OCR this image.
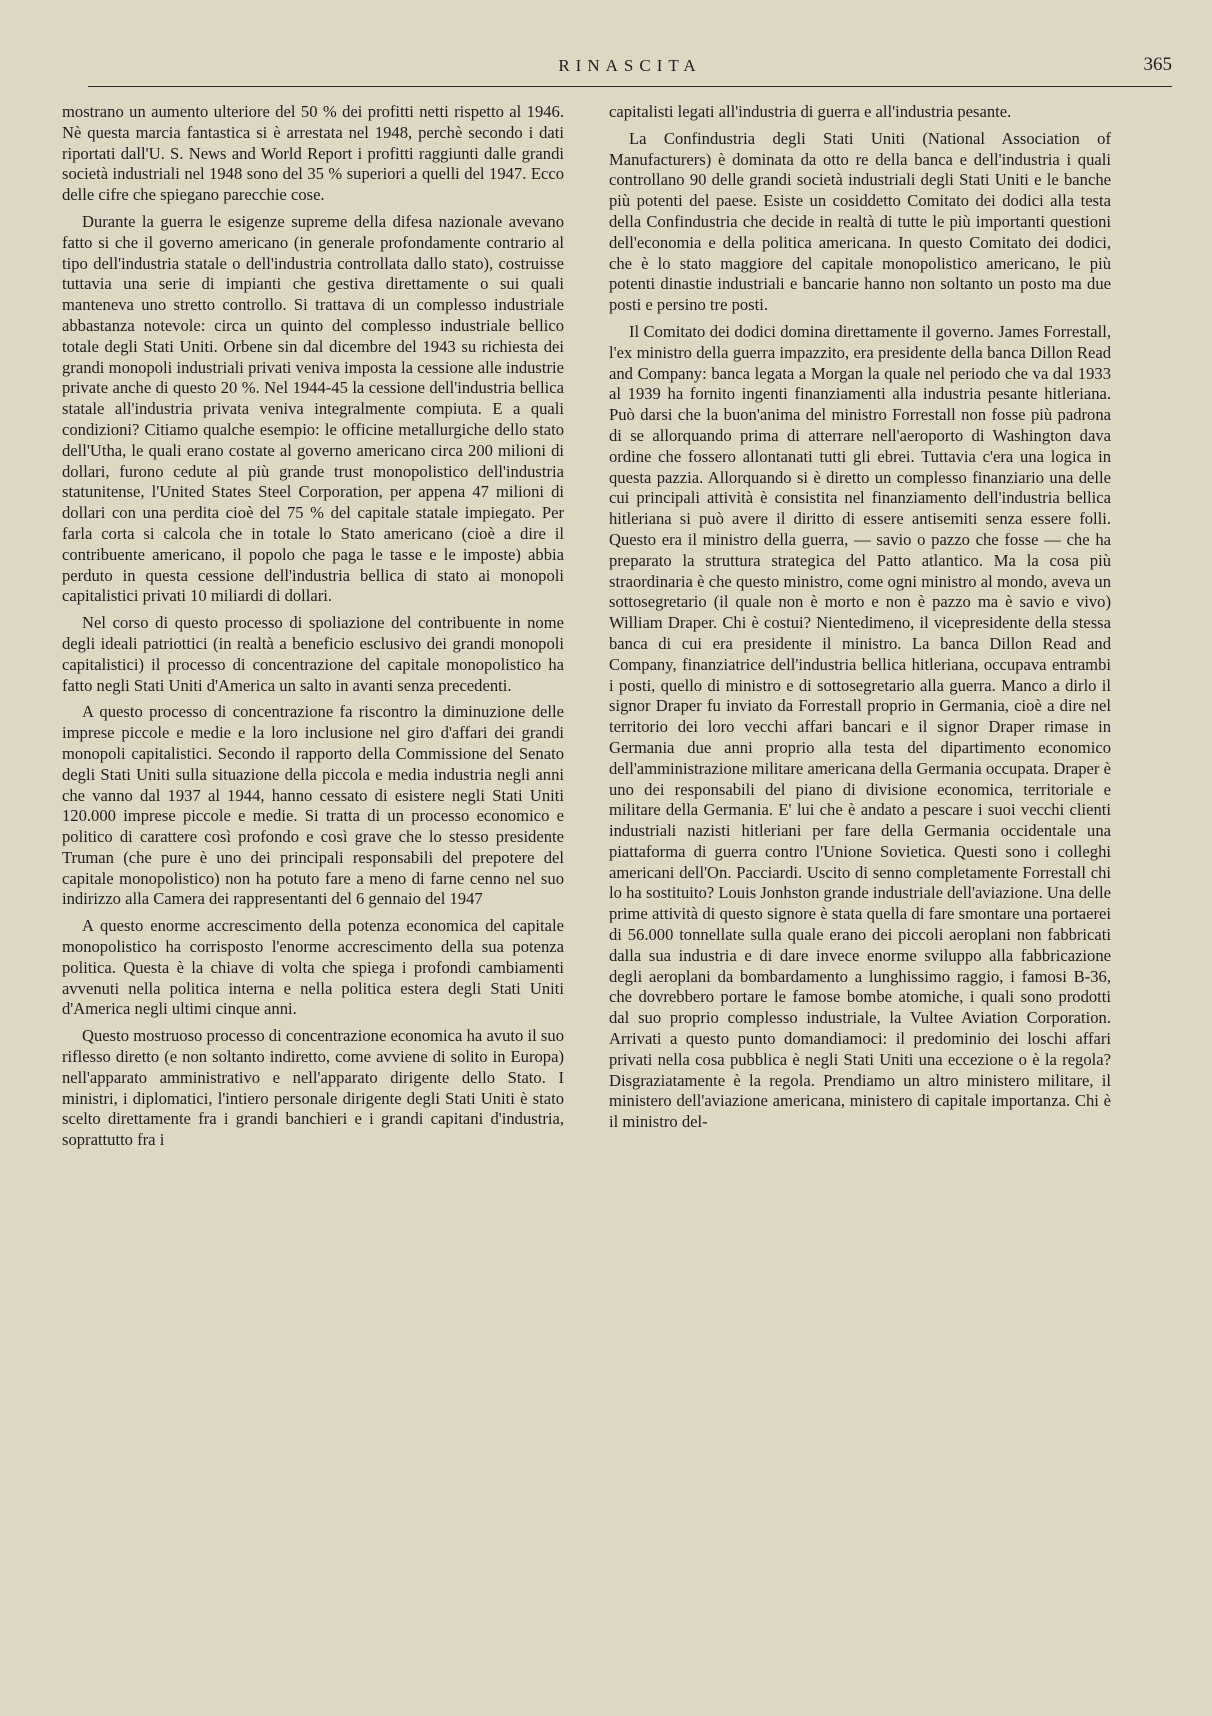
RINASCITA	365

mostrano un aumento ulteriore del 50 % dei profitti netti rispetto al 1946. Nè questa marcia fantastica si è arrestata nel 1948, perchè secondo i dati riportati dall'U. S. News and World Report i profitti raggiunti dalle grandi società industriali nel 1948 sono del 35 % superiori a quelli del 1947. Ecco delle cifre che spiegano parecchie cose.

Durante la guerra le esigenze supreme della difesa nazionale avevano fatto si che il governo americano (in generale profondamente contrario al tipo dell'industria statale o dell'industria controllata dallo stato), costruisse tuttavia una serie di impianti che gestiva direttamente o sui quali manteneva uno stretto controllo. Si trattava di un complesso industriale abbastanza notevole: circa un quinto del complesso industriale bellico totale degli Stati Uniti. Orbene sin dal dicembre del 1943 su richiesta dei grandi monopoli industriali privati veniva imposta la cessione alle industrie private anche di questo 20 %. Nel 1944-45 la cessione dell'industria bellica statale all'industria privata veniva integralmente compiuta. E a quali condizioni? Citiamo qualche esempio: le officine metallurgiche dello stato dell'Utha, le quali erano costate al governo americano circa 200 milioni di dollari, furono cedute al più grande trust monopolistico dell'industria statunitense, l'United States Steel Corporation, per appena 47 milioni di dollari con una perdita cioè del 75 % del capitale statale impiegato. Per farla corta si calcola che in totale lo Stato americano (cioè a dire il contribuente americano, il popolo che paga le tasse e le imposte) abbia perduto in questa cessione dell'industria bellica di stato ai monopoli capitalistici privati 10 miliardi di dollari.

Nel corso di questo processo di spoliazione del contribuente in nome degli ideali patriottici (in realtà a beneficio esclusivo dei grandi monopoli capitalistici) il processo di concentrazione del capitale monopolistico ha fatto negli Stati Uniti d'America un salto in avanti senza precedenti.

A questo processo di concentrazione fa riscontro la diminuzione delle imprese piccole e medie e la loro inclusione nel giro d'affari dei grandi monopoli capitalistici. Secondo il rapporto della Commissione del Senato degli Stati Uniti sulla situazione della piccola e media industria negli anni che vanno dal 1937 al 1944, hanno cessato di esistere negli Stati Uniti 120.000 imprese piccole e medie. Si tratta di un processo economico e politico di carattere così profondo e così grave che lo stesso presidente Truman (che pure è uno dei principali responsabili del prepotere del capitale monopolistico) non ha potuto fare a meno di farne cenno nel suo indirizzo alla Camera dei rappresentanti del 6 gennaio del 1947

A questo enorme accrescimento della potenza economica del capitale monopolistico ha corrisposto l'enorme accrescimento della sua potenza politica. Questa è la chiave di volta che spiega i profondi cambiamenti avvenuti nella politica interna e nella politica estera degli Stati Uniti d'America negli ultimi cinque anni.

Questo mostruoso processo di concentrazione economica ha avuto il suo riflesso diretto (e non soltanto indiretto, come avviene di solito in Europa) nell'apparato amministrativo e nell'apparato dirigente dello Stato. I ministri, i diplomatici, l'intiero personale dirigente degli Stati Uniti è stato scelto direttamente fra i grandi banchieri e i grandi capitani d'industria, soprattutto fra i

capitalisti legati all'industria di guerra e all'industria pesante.

La Confindustria degli Stati Uniti (National Association of Manufacturers) è dominata da otto re della banca e dell'industria i quali controllano 90 delle grandi società industriali degli Stati Uniti e le banche più potenti del paese. Esiste un cosiddetto Comitato dei dodici alla testa della Confindustria che decide in realtà di tutte le più importanti questioni dell'economia e della politica americana. In questo Comitato dei dodici, che è lo stato maggiore del capitale monopolistico americano, le più potenti dinastie industriali e bancarie hanno non soltanto un posto ma due posti e persino tre posti.

Il Comitato dei dodici domina direttamente il governo. James Forrestall, l'ex ministro della guerra impazzito, era presidente della banca Dillon Read and Company: banca legata a Morgan la quale nel periodo che va dal 1933 al 1939 ha fornito ingenti finanziamenti alla industria pesante hitleriana. Può darsi che la buon'anima del ministro Forrestall non fosse più padrona di se allorquando prima di atterrare nell'aeroporto di Washington dava ordine che fossero allontanati tutti gli ebrei. Tuttavia c'era una logica in questa pazzia. Allorquando si è diretto un complesso finanziario una delle cui principali attività è consistita nel finanziamento dell'industria bellica hitleriana si può avere il diritto di essere antisemiti senza essere folli. Questo era il ministro della guerra, — savio o pazzo che fosse — che ha preparato la struttura strategica del Patto atlantico. Ma la cosa più straordinaria è che questo ministro, come ogni ministro al mondo, aveva un sottosegretario (il quale non è morto e non è pazzo ma è savio e vivo) William Draper. Chi è costui? Nientedimeno, il vicepresidente della stessa banca di cui era presidente il ministro. La banca Dillon Read and Company, finanziatrice dell'industria bellica hitleriana, occupava entrambi i posti, quello di ministro e di sottosegretario alla guerra. Manco a dirlo il signor Draper fu inviato da Forrestall proprio in Germania, cioè a dire nel territorio dei loro vecchi affari bancari e il signor Draper rimase in Germania due anni proprio alla testa del dipartimento economico dell'amministrazione militare americana della Germania occupata. Draper è uno dei responsabili del piano di divisione economica, territoriale e militare della Germania. E' lui che è andato a pescare i suoi vecchi clienti industriali nazisti hitleriani per fare della Germania occidentale una piattaforma di guerra contro l'Unione Sovietica. Questi sono i colleghi americani dell'On. Pacciardi. Uscito di senno completamente Forrestall chi lo ha sostituito? Louis Jonhston grande industriale dell'aviazione. Una delle prime attività di questo signore è stata quella di fare smontare una portaerei di 56.000 tonnellate sulla quale erano dei piccoli aeroplani non fabbricati dalla sua industria e di dare invece enorme sviluppo alla fabbricazione degli aeroplani da bombardamento a lunghissimo raggio, i famosi B-36, che dovrebbero portare le famose bombe atomiche, i quali sono prodotti dal suo proprio complesso industriale, la Vultee Aviation Corporation. Arrivati a questo punto domandiamoci: il predominio dei loschi affari privati nella cosa pubblica è negli Stati Uniti una eccezione o è la regola? Disgraziatamente è la regola. Prendiamo un altro ministero militare, il ministero dell'aviazione americana, ministero di capitale importanza. Chi è il ministro del-
